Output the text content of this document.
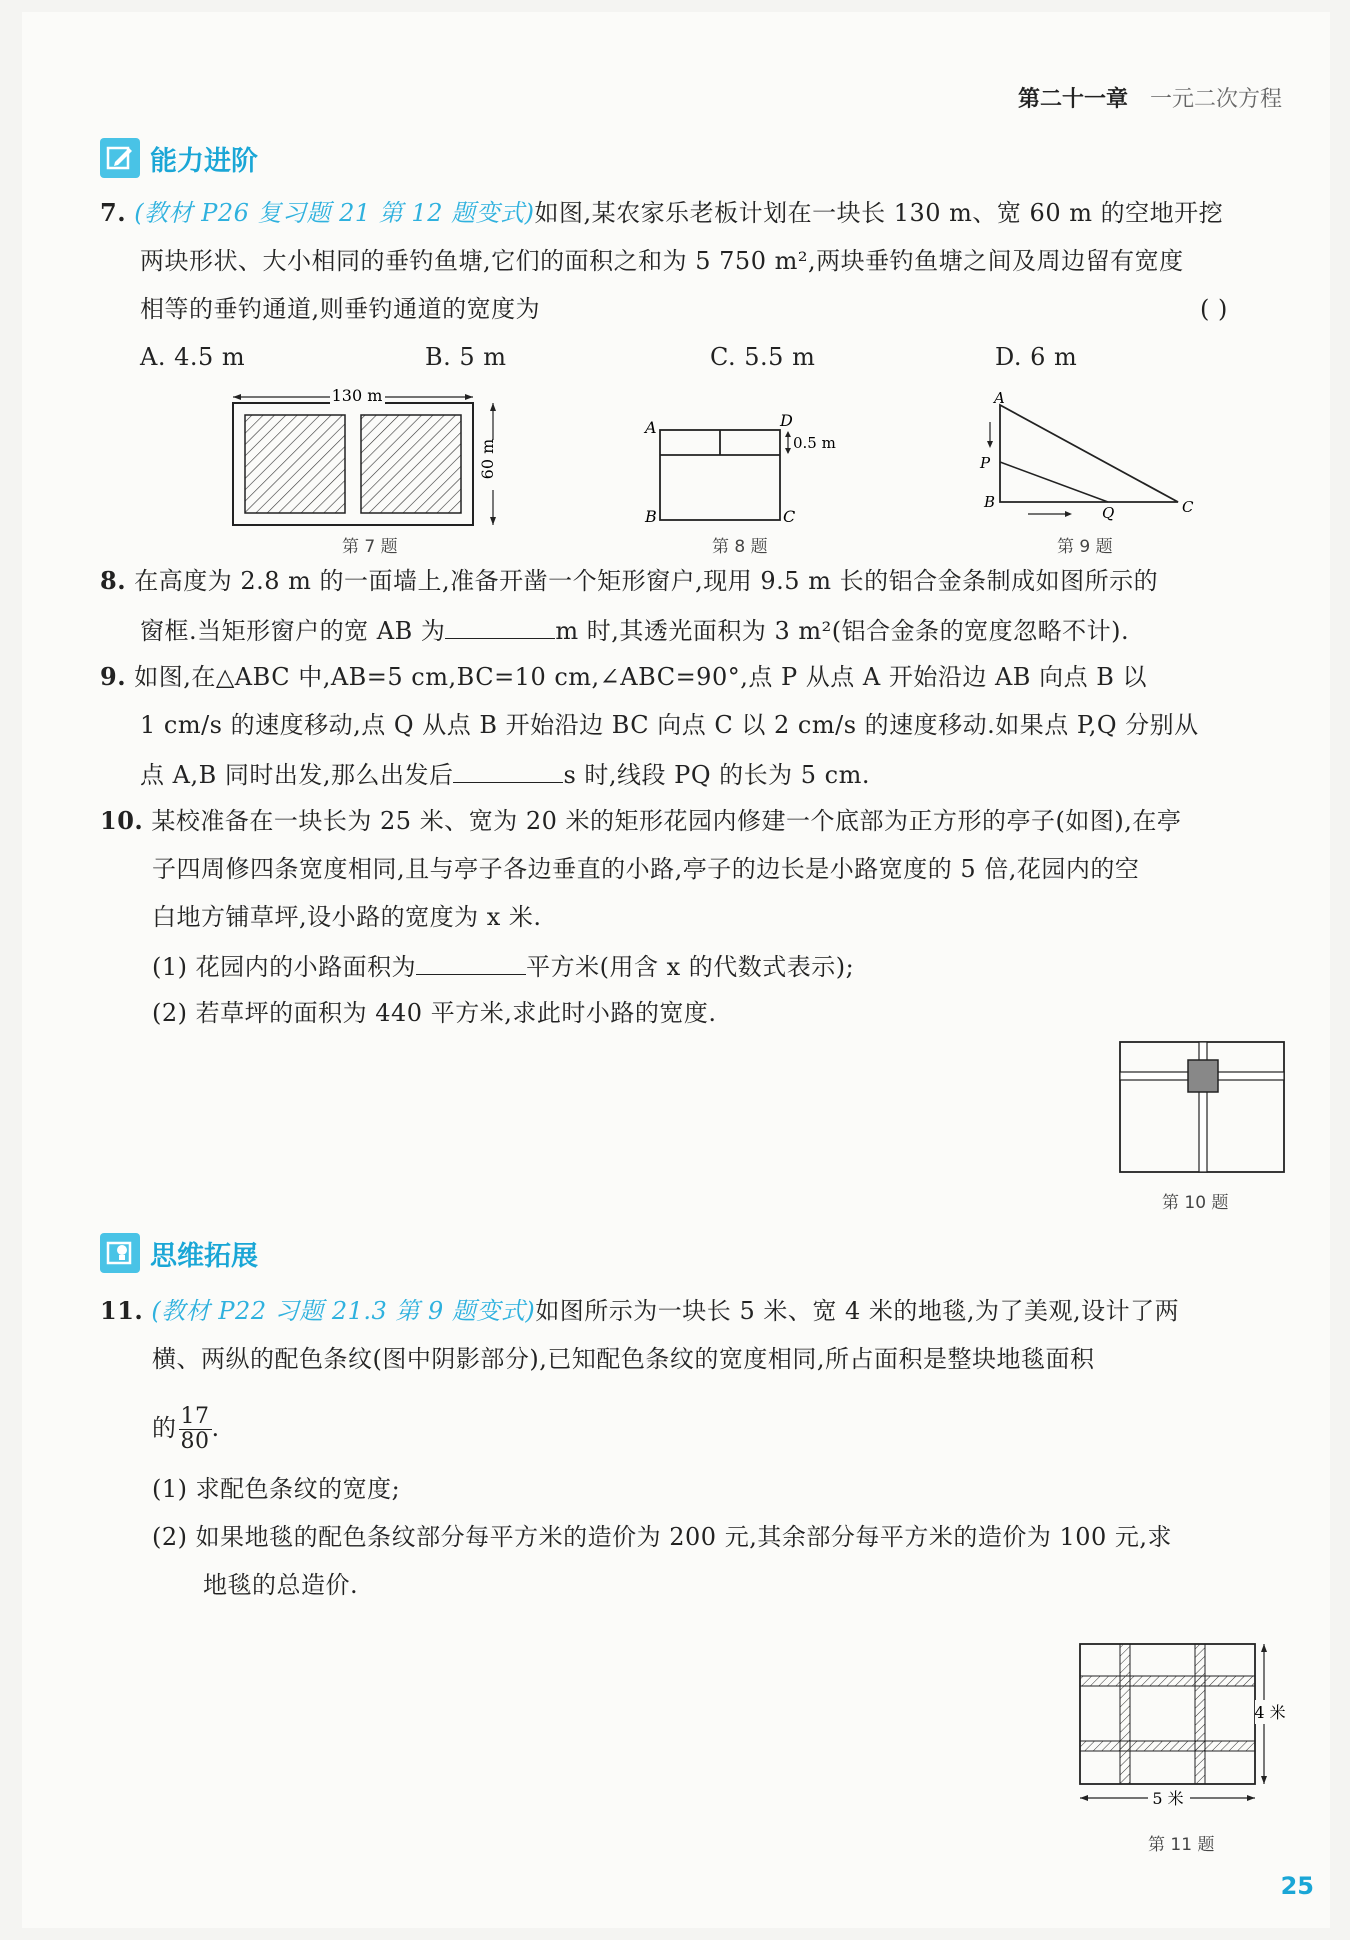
第二十一章 一元二次方程
能力进阶
7. (教材 P26 复习题 21 第 12 题变式)如图,某农家乐老板计划在一块长 130 m、宽 60 m 的空地开挖
两块形状、大小相同的垂钓鱼塘,它们的面积之和为 5 750 m²,两块垂钓鱼塘之间及周边留有宽度
相等的垂钓通道,则垂钓通道的宽度为	( )
A. 4.5 m	B. 5 m	C. 5.5 m	D. 6 m
130 m
60 m
第 7 题
A	D
B	C
0.5 m
第 8 题
A
P
B
Q	C
第 9 题
8. 在高度为 2.8 m 的一面墙上,准备开凿一个矩形窗户,现用 9.5 m 长的铝合金条制成如图所示的
窗框.当矩形窗户的宽 AB 为	m 时,其透光面积为 3 m²(铝合金条的宽度忽略不计).
9. 如图,在△ABC 中,AB=5 cm,BC=10 cm,∠ABC=90°,点 P 从点 A 开始沿边 AB 向点 B 以
1 cm/s 的速度移动,点 Q 从点 B 开始沿边 BC 向点 C 以 2 cm/s 的速度移动.如果点 P,Q 分别从
点 A,B 同时出发,那么出发后	s 时,线段 PQ 的长为 5 cm.
10. 某校准备在一块长为 25 米、宽为 20 米的矩形花园内修建一个底部为正方形的亭子(如图),在亭
子四周修四条宽度相同,且与亭子各边垂直的小路,亭子的边长是小路宽度的 5 倍,花园内的空
白地方铺草坪,设小路的宽度为 x 米.
(1) 花园内的小路面积为	平方米(用含 x 的代数式表示);
(2) 若草坪的面积为 440 平方米,求此时小路的宽度.
第 10 题
思维拓展
11. (教材 P22 习题 21.3 第 9 题变式)如图所示为一块长 5 米、宽 4 米的地毯,为了美观,设计了两
横、两纵的配色条纹(图中阴影部分),已知配色条纹的宽度相同,所占面积是整块地毯面积
的 $\frac{17}{80}$ .
(1) 求配色条纹的宽度;
(2) 如果地毯的配色条纹部分每平方米的造价为 200 元,其余部分每平方米的造价为 100 元,求
地毯的总造价.
4 米
5 米
第 11 题
25
